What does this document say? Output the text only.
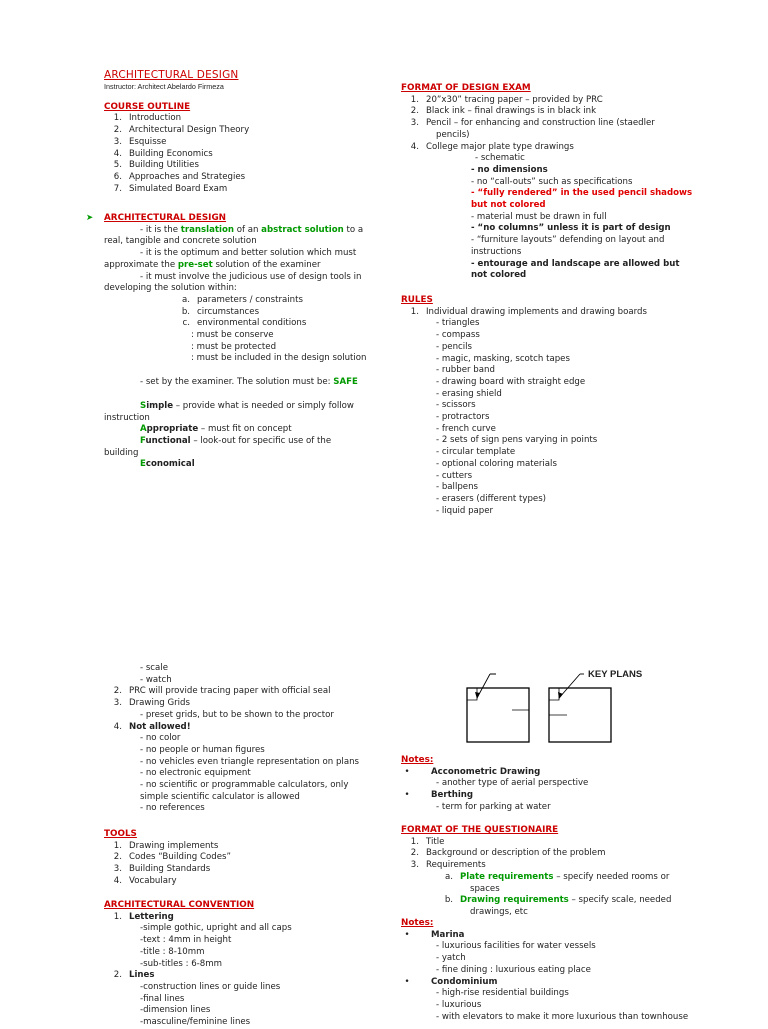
ARCHITECTURAL DESIGN
Instructor: Architect Abelardo Firmeza
COURSE OUTLINE
1. Introduction
2. Architectural Design Theory
3. Esquisse
4. Building Economics
5. Building Utilities
6. Approaches and Strategies
7. Simulated Board Exam
➤ ARCHITECTURAL DESIGN
- it is the translation of an abstract solution to a
real, tangible and concrete solution
- it is the optimum and better solution which must
approximate the pre-set solution of the examiner
- it must involve the judicious use of design tools in
developing the solution within:
a. parameters / constraints
b. circumstances
c. environmental conditions
: must be conserve
: must be protected
: must be included in the design solution
- set by the examiner. The solution must be: SAFE
Simple – provide what is needed or simply follow
instruction
Appropriate – must fit on concept
Functional – look-out for specific use of the
building
Economical
FORMAT OF DESIGN EXAM
1. 20”x30” tracing paper – provided by PRC
2. Black ink – final drawings is in black ink
3. Pencil – for enhancing and construction line (staedler
pencils)
4. College major plate type drawings
- schematic
- no dimensions
- no “call-outs” such as specifications
- “fully rendered” in the used pencil shadows
but not colored
- material must be drawn in full
- “no columns” unless it is part of design
- “furniture layouts” defending on layout and
instructions
- entourage and landscape are allowed but
not colored
RULES
1. Individual drawing implements and drawing boards
- triangles
- compass
- pencils
- magic, masking, scotch tapes
- rubber band
- drawing board with straight edge
- erasing shield
- scissors
- protractors
- french curve
- 2 sets of sign pens varying in points
- circular template
- optional coloring materials
- cutters
- ballpens
- erasers (different types)
- liquid paper
- scale
- watch
2. PRC will provide tracing paper with official seal
3. Drawing Grids
- preset grids, but to be shown to the proctor
4. Not allowed!
- no color
- no people or human figures
- no vehicles even triangle representation on plans
- no electronic equipment
- no scientific or programmable calculators, only
simple scientific calculator is allowed
- no references
TOOLS
1. Drawing implements
2. Codes “Building Codes”
3. Building Standards
4. Vocabulary
ARCHITECTURAL CONVENTION
1. Lettering
-simple gothic, upright and all caps
-text : 4mm in height
-title : 8-10mm
-sub-titles : 6-8mm
2. Lines
-construction lines or guide lines
-final lines
-dimension lines
-masculine/feminine lines
KEY PLANS
Notes:
• Acconometric Drawing
- another type of aerial perspective
• Berthing
- term for parking at water
FORMAT OF THE QUESTIONAIRE
1. Title
2. Background or description of the problem
3. Requirements
a. Plate requirements – specify needed rooms or
spaces
b. Drawing requirements – specify scale, needed
drawings, etc
Notes:
• Marina
- luxurious facilities for water vessels
- yatch
- fine dining : luxurious eating place
• Condominium
- high-rise residential buildings
- luxurious
- with elevators to make it more luxurious than townhouse
